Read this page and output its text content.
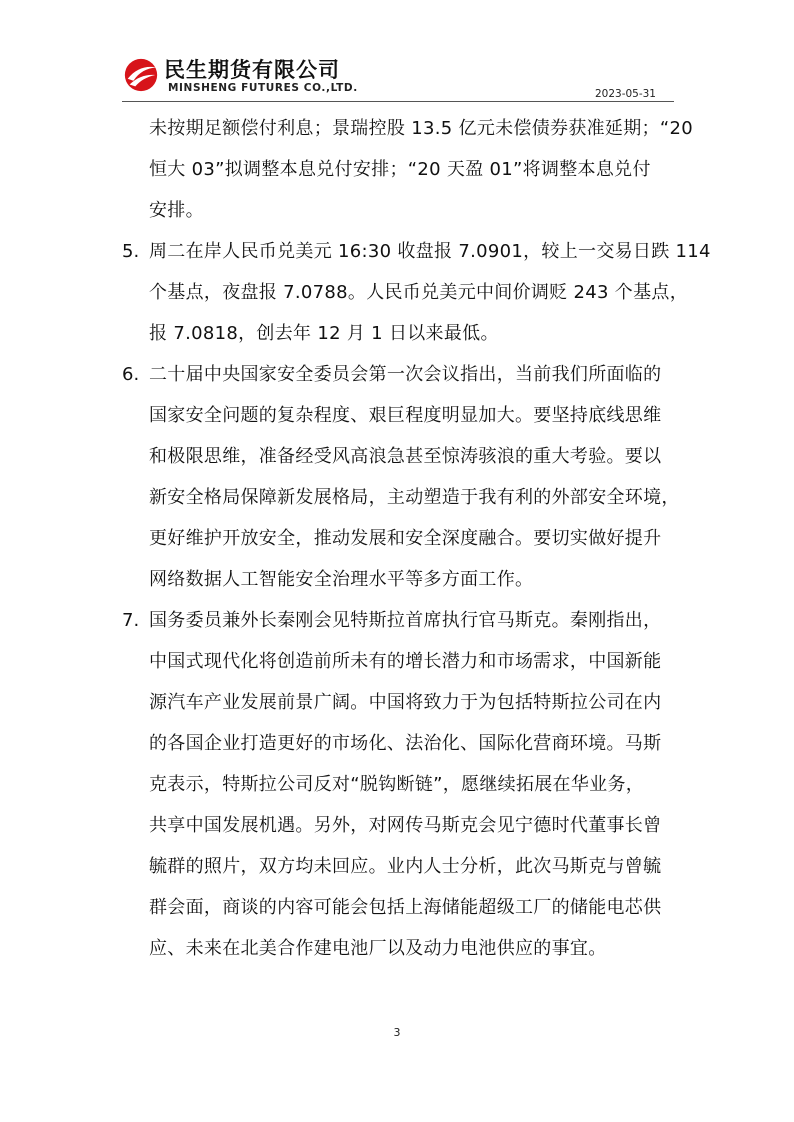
民生期货有限公司
MINSHENG FUTURES CO.,LTD.	2023-05-31
未按期足额偿付利息；景瑞控股 13.5 亿元未偿债券获准延期；“20
恒大 03”拟调整本息兑付安排；“20 天盈 01”将调整本息兑付
安排。
5. 周二在岸人民币兑美元 16:30 收盘报 7.0901，较上一交易日跌 114
个基点，夜盘报 7.0788。人民币兑美元中间价调贬 243 个基点，
报 7.0818，创去年 12 月 1 日以来最低。
6. 二十届中央国家安全委员会第一次会议指出，当前我们所面临的
国家安全问题的复杂程度、艰巨程度明显加大。要坚持底线思维
和极限思维，准备经受风高浪急甚至惊涛骇浪的重大考验。要以
新安全格局保障新发展格局，主动塑造于我有利的外部安全环境，
更好维护开放安全，推动发展和安全深度融合。要切实做好提升
网络数据人工智能安全治理水平等多方面工作。
7. 国务委员兼外长秦刚会见特斯拉首席执行官马斯克。秦刚指出，
中国式现代化将创造前所未有的增长潜力和市场需求，中国新能
源汽车产业发展前景广阔。中国将致力于为包括特斯拉公司在内
的各国企业打造更好的市场化、法治化、国际化营商环境。马斯
克表示，特斯拉公司反对“脱钩断链”，愿继续拓展在华业务，
共享中国发展机遇。另外，对网传马斯克会见宁德时代董事长曾
毓群的照片，双方均未回应。业内人士分析，此次马斯克与曾毓
群会面，商谈的内容可能会包括上海储能超级工厂的储能电芯供
应、未来在北美合作建电池厂以及动力电池供应的事宜。
3
